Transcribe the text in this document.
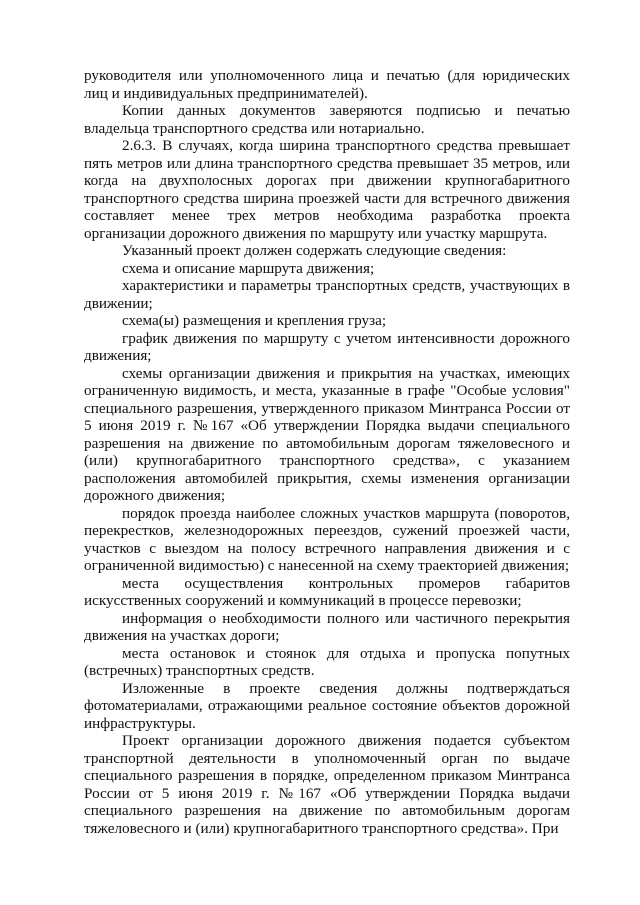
руководителя или уполномоченного лица и печатью (для юридических лиц и индивидуальных предпринимателей).

Копии данных документов заверяются подписью и печатью владельца транспортного средства или нотариально.

2.6.3. В случаях, когда ширина транспортного средства превышает пять метров или длина транспортного средства превышает 35 метров, или когда на двухполосных дорогах при движении крупногабаритного транспортного средства ширина проезжей части для встречного движения составляет менее трех метров необходима разработка проекта организации дорожного движения по маршруту или участку маршрута.

Указанный проект должен содержать следующие сведения:

схема и описание маршрута движения;

характеристики и параметры транспортных средств, участвующих в движении;

схема(ы) размещения и крепления груза;

график движения по маршруту с учетом интенсивности дорожного движения;

схемы организации движения и прикрытия на участках, имеющих ограниченную видимость, и места, указанные в графе "Особые условия" специального разрешения, утвержденного приказом Минтранса России от 5 июня 2019 г. №167 «Об утверждении Порядка выдачи специального разрешения на движение по автомобильным дорогам тяжеловесного и (или) крупногабаритного транспортного средства», с указанием расположения автомобилей прикрытия, схемы изменения организации дорожного движения;

порядок проезда наиболее сложных участков маршрута (поворотов, перекрестков, железнодорожных переездов, сужений проезжей части, участков с выездом на полосу встречного направления движения и с ограниченной видимостью) с нанесенной на схему траекторией движения;

места осуществления контрольных промеров габаритов искусственных сооружений и коммуникаций в процессе перевозки;

информация о необходимости полного или частичного перекрытия движения на участках дороги;

места остановок и стоянок для отдыха и пропуска попутных (встречных) транспортных средств.

Изложенные в проекте сведения должны подтверждаться фотоматериалами, отражающими реальное состояние объектов дорожной инфраструктуры.

Проект организации дорожного движения подается субъектом транспортной деятельности в уполномоченный орган по выдаче специального разрешения в порядке, определенном приказом Минтранса России от 5 июня 2019 г. №167 «Об утверждении Порядка выдачи специального разрешения на движение по автомобильным дорогам тяжеловесного и (или) крупногабаритного транспортного средства». При
